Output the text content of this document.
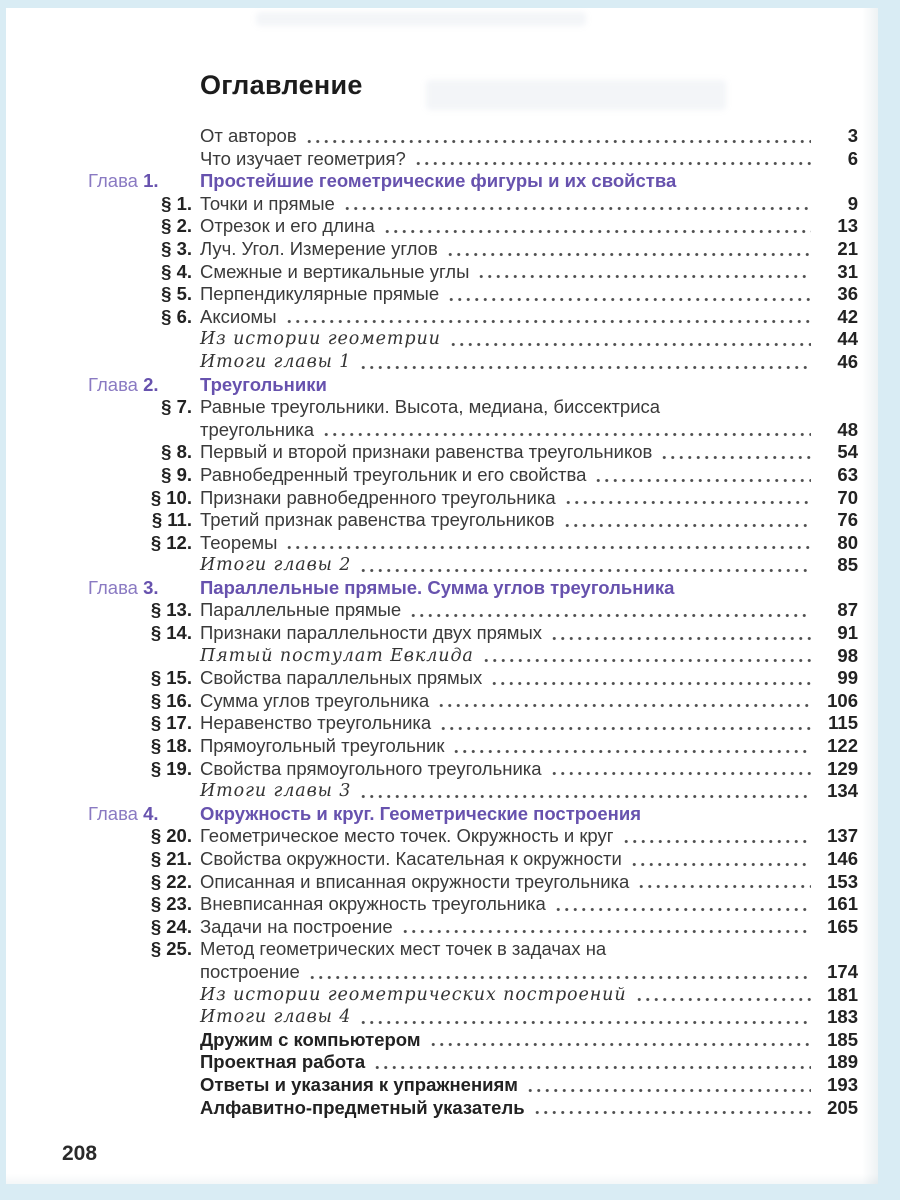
Оглавление
От авторов	3
Что изучает геометрия?	6
Глава 1. Простейшие геометрические фигуры и их свойства
§ 1. Точки и прямые	9
§ 2. Отрезок и его длина	13
§ 3. Луч. Угол. Измерение углов	21
§ 4. Смежные и вертикальные углы	31
§ 5. Перпендикулярные прямые	36
§ 6. Аксиомы	42
Из истории геометрии	44
Итоги главы 1	46
Глава 2. Треугольники
§ 7. Равные треугольники. Высота, медиана, биссектриса
треугольника	48
§ 8. Первый и второй признаки равенства треугольников	54
§ 9. Равнобедренный треугольник и его свойства	63
§ 10. Признаки равнобедренного треугольника	70
§ 11. Третий признак равенства треугольников	76
§ 12. Теоремы	80
Итоги главы 2	85
Глава 3. Параллельные прямые. Сумма углов треугольника
§ 13. Параллельные прямые	87
§ 14. Признаки параллельности двух прямых	91
Пятый постулат Евклида	98
§ 15. Свойства параллельных прямых	99
§ 16. Сумма углов треугольника	106
§ 17. Неравенство треугольника	115
§ 18. Прямоугольный треугольник	122
§ 19. Свойства прямоугольного треугольника	129
Итоги главы 3	134
Глава 4. Окружность и круг. Геометрические построения
§ 20. Геометрическое место точек. Окружность и круг	137
§ 21. Свойства окружности. Касательная к окружности	146
§ 22. Описанная и вписанная окружности треугольника	153
§ 23. Вневписанная окружность треугольника	161
§ 24. Задачи на построение	165
§ 25. Метод геометрических мест точек в задачах на
построение	174
Из истории геометрических построений	181
Итоги главы 4	183
Дружим с компьютером	185
Проектная работа	189
Ответы и указания к упражнениям	193
Алфавитно-предметный указатель	205
208
